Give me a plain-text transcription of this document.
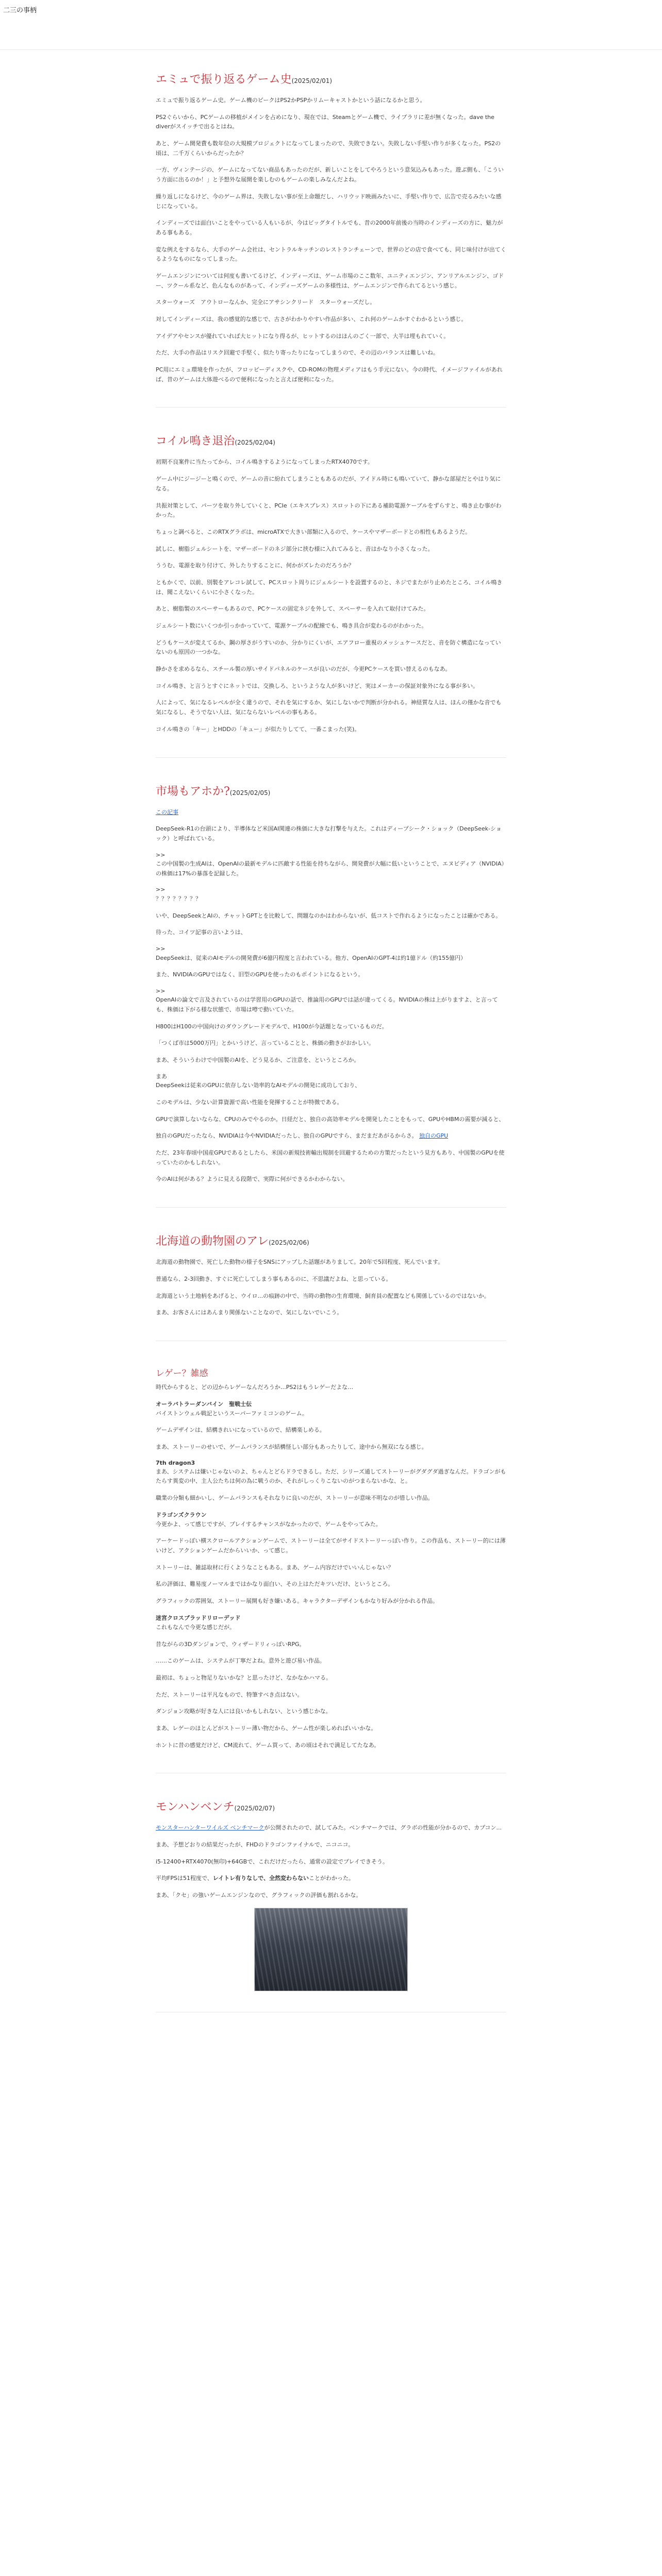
二三の事柄
エミュで振り返るゲーム史(2025/02/01)

エミュで振り返るゲーム史。ゲーム機のピークはPS2かPSPかリムーキャストかという話になるかと思う。

PS2ぐらいから、PCゲームの移植がメインを占めになり、現在では、Steamとゲーム機で、ライブラリに差が無くなった。dave the diverがスイッチで出るとはね。

あと、ゲーム開発費も数年位の大規模プロジェクトになってしまったので、失敗できない。失敗しない手堅い作りが多くなった。PS2の頃は、二千万くらいからだったか？

一方、ヴィンテージの、ゲームになってない商品もあったのだが、新しいことをしてやろうという意気込みもあった。遊ぶ側も、「こういう方面に出るのか！」と予想外な展開を楽しむのもゲームの楽しみなんだよね。

繰り返しになるけど、今のゲーム界は、失敗しない事が至上命題だし、ハリウッド映画みたいに、手堅い作りで、広告で売るみたいな感じになっている。

インディーズでは面白いことをやっている人もいるが、今はビッグタイトルでも、昔の2000年前後の当時のインディーズの方に、魅力がある事もある。

変な例えをするなら、大手のゲーム会社は、セントラルキッチンのレストランチェーンで、世界のどの店で食べても、同じ味付けが出てくるようなものになってしまった。

ゲームエンジンについては何度も書いてるけど、インディーズは、ゲーム市場のここ数年、ユニティエンジン、アンリアルエンジン、ゴドー、ツクール系など、色んなものがあって、インディーズゲームの多様性は、ゲームエンジンで作られてるという感じ。

スターウォーズ　アウトローなんか、完全にアサシンクリード　スターウォーズだし。

対してインディーズは、我の感覚的な感じで、古さがわかりやすい作品が多い、これ何のゲームかすぐわかるという感じ。

アイデアやセンスが優れていれば大ヒットになり得るが、ヒットするのはほんのごく一部で、大半は埋もれていく。

ただ、大手の作品はリスク回避で手堅く、似たり寄ったりになってしまうので、その辺のバランスは難しいね。

PC用にエミュ環境を作ったが、フロッピーディスクや、CD-ROMの物理メディアはもう手元にない。今の時代、イメージファイルがあれば、昔のゲームは大体遊べるので便利になったと言えば便利になった。

コイル鳴き退治(2025/02/04)

初期不良案件に当たってから、コイル鳴きするようになってしまったRTX4070です。

ゲーム中にジージーと鳴くので、ゲームの音に紛れてしまうこともあるのだが、アイドル時にも鳴いていて、静かな部屋だとやはり気になる。

共振対策として、パーツを取り外していくと、PCIe（エキスプレス）スロットの下にある補助電源ケーブルをずらすと、鳴き止む事がわかった。

ちょっと調べると、このRTXグラボは、microATXで大きい部類に入るので、ケースやマザーボードとの相性もあるようだ。

試しに、樹脂ジェルシートを、マザーボードのネジ部分に挟む様に入れてみると、音はかなり小さくなった。

ううむ、電源を取り付けて、外したりすることに、何かがズレたのだろうか？

ともかくで、以前、別製をアレコレ試して、PCスロット周りにジェルシートを設置するのと、ネジでまたがり止めたところ、コイル鳴きは、聞こえないくらいに小さくなった。

あと、樹脂製のスペーサーもあるので、PCケースの固定ネジを外して、スペーサーを入れて取付けてみた。

ジェルシート数にいくつか引っかかっていて、電源ケーブルの配線でも、鳴き具合が変わるのがわかった。

どうもケースが変えてるか、鋼の厚さがうすいのか、分かりにくいが、エアフロー重視のメッシュケースだと、音を防ぐ構造になっていないのも原因の一つかな。

静かさを求めるなら、スチール製の厚いサイドパネルのケースが良いのだが、今更PCケースを買い替えるのもなあ。

コイル鳴き、と言うとすぐにネットでは、交換しろ、というような人が多いけど、実はメーカーの保証対象外になる事が多い。

人によって、気になるレベルが全く違うので、それを気にするか、気にしないかで判断が分かれる。神経質な人は、ほんの僅かな音でも気になるし、そうでない人は、気にならないレベルの事もある。

コイル鳴きの「キー」とHDDの「キュー」が似たりしてて、一番こまった(笑)。

市場もアホか?(2025/02/05)

この記事

DeepSeek-R1の台頭により、半導体など米国AI関連の株価に大きな打撃を与えた。これはディープシーク・ショック（DeepSeek-ショック）と呼ばれている。

>>

この中国製の生成AIは、OpenAIの最新モデルに匹敵する性能を持ちながら、開発費が大幅に低いということで、エヌビディア（NVIDIA）の株価は17%の暴落を記録した。

>>

？？？？？？？？

いや、DeepSeekとAIの、チャットGPTとを比較して、問題なのかはわからないが、低コストで作れるようになったことは確かである。

待った、コイツ記事の言いようは、

>>

DeepSeekは、従来のAIモデルの開発費が6億円程度と言われている。他方、OpenAIのGPT-4は約1億ドル（約155億円）

また、NVIDIAのGPUではなく、旧型のGPUを使ったのもポイントになるという。

>>

OpenAIの論文で言及されているのは学習用のGPUの話で、推論用のGPUでは話が違ってくる。NVIDIAの株は上がりますよ、と言っても、株価は下がる様な状態で、市場は噂で動いていた。

H800はH100の中国向けのダウングレードモデルで、H100が今話題となっているものだ。

「つくば市は5000万円」とかいうけど、言っていることと、株価の動きがおかしい。

まあ、そういうわけで中国製のAIを、どう見るか、ご注意を、というところか。

まあ

DeepSeekは従来のGPUに依存しない効率的なAIモデルの開発に成功しており、

このモデルは、少ない計算資源で高い性能を発揮することが特徴である。

GPUで演算しないならな、CPUのみでやるのか。日経だと、独自の高効率モデルを開発したことをもって、GPUやHBMの需要が減ると、

独自のGPUだったなら、NVIDIAは今やNVIDIAだったし、独自のGPUですら、まだまだあがるからさ。 独自のGPU

ただ、23年春頃中国産GPUであるとしたら、米国の新規技術輸出規制を回避するための方策だったという見方もあり、中国製のGPUを使っていたのかもしれない。

今のAIは何がある？ように見える段階で、実際に何ができるかわからない。

北海道の動物園のアレ(2025/02/06)

北海道の動物園で、死亡した動物の様子をSNSにアップした話題がありまして。20年で5回程度、死んでいます。

普通なら、2-3回動き、すぐに死亡してしまう事もあるのに、不思議だよね、と思っている。

北海道という土地柄をあげると、ウイロ...の痕跡の中で、当時の動物の生育環境、飼育員の配置なども関係しているのではないか。

まあ、お客さんにはあんまり関係ないことなので、気にしないでいこう。

レゲー？雑感

時代からすると、どの辺からレゲーなんだろうか…PS2はもうレゲーだよな…

オーラバトラーダンバイン　聖戦士伝

バイストンウェル戦記というスーパーファミコンのゲーム。

ゲームデザインは、結構きれいになっているので、結構楽しめる。

まあ、ストーリーのせいで、ゲームバランスが結構怪しい部分もあったりして、途中から無双になる感じ。

7th dragon3

まあ、システムは嫌いじゃないのよ、ちゃんとどらドラできるし。ただ、シリーズ通してストーリーがグダグダ過ぎなんだ。ドラゴンがもたらす異変の中、主人公たちは何の為に戦うのか、それがしっくりこないのがつまらないかな、と。

職業の分類も細かいし、ゲームバランスもそれなりに良いのだが、ストーリーが意味不明なのが惜しい作品。

ドラゴンズクラウン

今更かよ、って感じですが、プレイするチャンスがなかったので、ゲームをやってみた。

アーケードっぽい横スクロールアクションゲームで、ストーリーは全てがサイドストーリーっぽい作り。この作品も、ストーリー的には薄いけど、アクションゲームだからいいか、って感じ。

ストーリーは、雑誌取材に行くようなこともある。まあ、ゲーム内容だけでいいんじゃない？

私の評価は、難易度ノーマルまではかなり面白い、その上はただキツいだけ、というところ。

グラフィックの雰囲気、ストーリー展開も好き嫌いある。キャラクターデザインもかなり好みが分かれる作品。

迷宮クロスブラッドリローデッド

これもなんで今更な感じだが。

昔ながらの3Dダンジョンで、ウィザードリィっぽいRPG。

……このゲームは、システムが丁寧だよね。意外と遊び易い作品。

最初は、ちょっと物足りないかな？と思ったけど、なかなかハマる。

ただ、ストーリーは平凡なもので、特筆すべき点はない。

ダンジョン攻略が好きな人には良いかもしれない、という感じかな。

まあ、レゲーのほとんどがストーリー薄い物だから、ゲーム性が楽しめればいいかな。

ホントに昔の感覚だけど、CM流れて、ゲーム買って、あの頃はそれで満足してたなあ。

モンハンベンチ(2025/02/07)

モンスターハンターワイルズ ベンチマークが公開されたので、試してみた。ベンチマークでは、グラボの性能が分かるので、カプコン...

まあ、予想どおりの結果だったが、FHDのドラゴンファイナルで、ニコニコ。

i5-12400+RTX4070(無印)+64GBで、これだけだったら、通常の設定でプレイできそう。

平均FPSは51程度で、レイトレ有りなしで、全然変わらないことがわかった。

まあ、「クセ」の強いゲームエンジンなので、グラフィックの評価も割れるかな。
